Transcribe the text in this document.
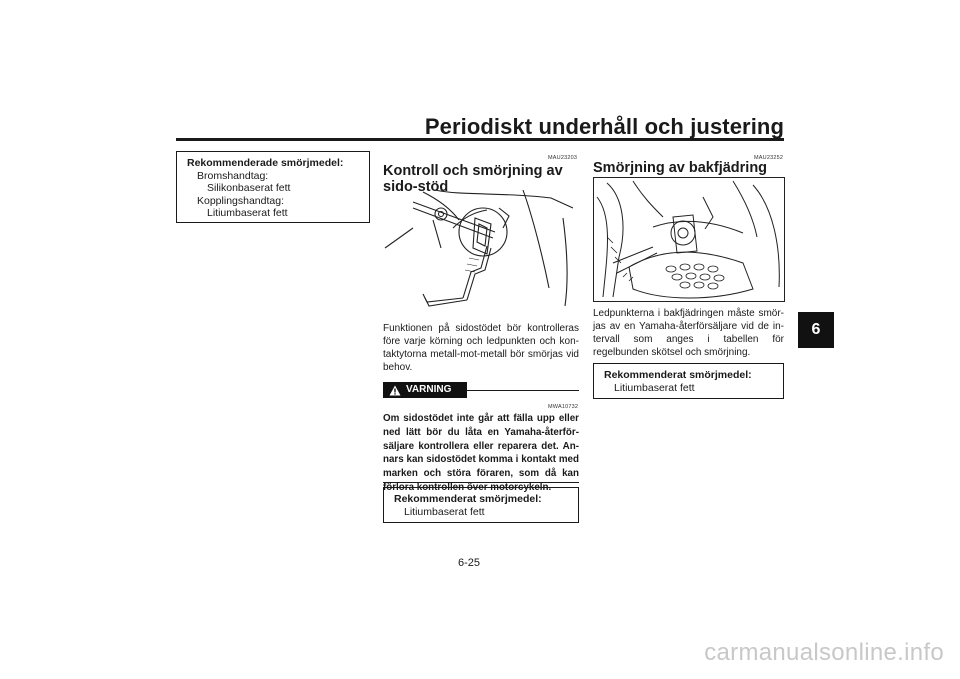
Periodiskt underhåll och justering
6
Rekommenderade smörjmedel:
Bromshandtag:
Silikonbaserat fett
Kopplingshandtag:
Litiumbaserat fett
MAU23203
Kontroll och smörjning av sido-stöd
Funktionen på sidostödet bör kontrolleras före varje körning och ledpunkten och kon-taktytorna metall-mot-metall bör smörjas vid behov.
VARNING
MWA10732
Om sidostödet inte går att fälla upp eller ned lätt bör du låta en Yamaha-återför-säljare kontrollera eller reparera det. An-nars kan sidostödet komma i kontakt med marken och störa föraren, som då kan förlora kontrollen över motorcykeln.
Rekommenderat smörjmedel:
Litiumbaserat fett
MAU23252
Smörjning av bakfjädring
Ledpunkterna i bakfjädringen måste smör-jas av en Yamaha-återförsäljare vid de in-tervall som anges i tabellen för regelbunden skötsel och smörjning.
Rekommenderat smörjmedel:
Litiumbaserat fett
6-25
carmanualsonline.info
